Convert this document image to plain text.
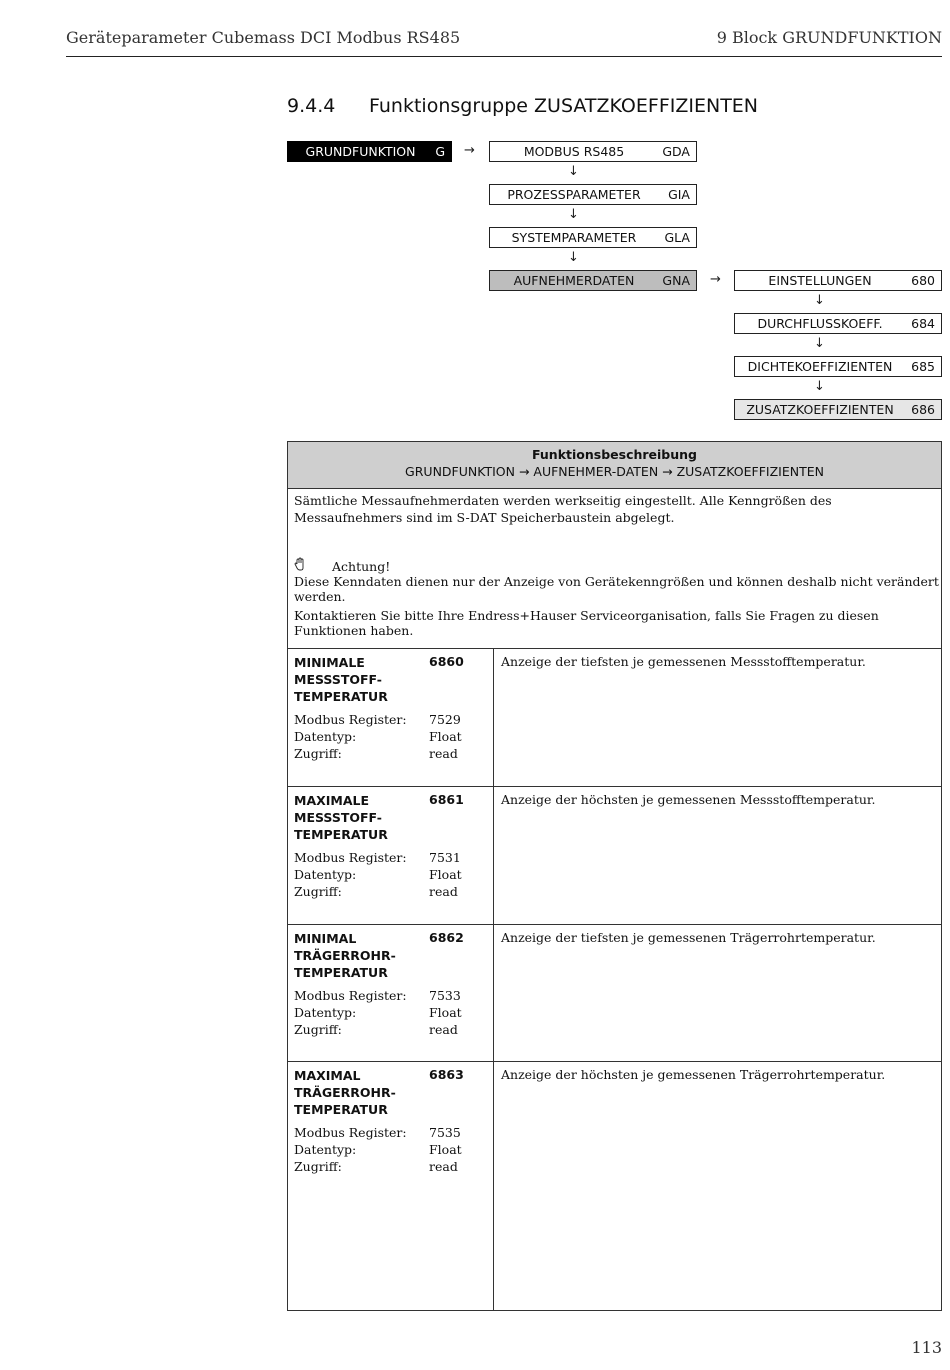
Geräteparameter Cubemass DCI Modbus RS485	9 Block GRUNDFUNKTION
9.4.4 Funktionsgruppe ZUSATZKOEFFIZIENTEN
GRUNDFUNKTION	G →	MODBUS RS485	GDA
↓
PROZESSPARAMETER	GIA
↓
SYSTEMPARAMETER	GLA
↓
AUFNEHMERDATEN	GNA →	EINSTELLUNGEN	680
↓
DURCHFLUSSKOEFF.	684
↓
DICHTEKOEFFIZIENTEN	685
↓
ZUSATZKOEFFIZIENTEN	686
Funktionsbeschreibung
GRUNDFUNKTION → AUFNEHMER-DATEN → ZUSATZKOEFFIZIENTEN
Sämtliche Messaufnehmerdaten werden werkseitig eingestellt. Alle Kenngrößen des Messaufnehmers sind im S-DAT Speicherbaustein abgelegt.
Achtung!
Diese Kenndaten dienen nur der Anzeige von Gerätekenngrößen und können deshalb nicht verändert werden.
Kontaktieren Sie bitte Ihre Endress+Hauser Serviceorganisation, falls Sie Fragen zu diesen Funktionen haben.
MINIMALE
MESSSTOFF-
TEMPERATUR
6860
Modbus Register: 7529
Datentyp:	Float
Zugriff:	read
Anzeige der tiefsten je gemessenen Messstofftemperatur.
MAXIMALE
MESSSTOFF-
TEMPERATUR
6861
Modbus Register: 7531
Datentyp:	Float
Zugriff:	read
Anzeige der höchsten je gemessenen Messstofftemperatur.
MINIMAL
TRÄGERROHR-
TEMPERATUR
6862
Modbus Register: 7533
Datentyp:	Float
Zugriff:	read
Anzeige der tiefsten je gemessenen Trägerrohrtemperatur.
MAXIMAL
TRÄGERROHR-
TEMPERATUR
6863
Modbus Register: 7535
Datentyp:	Float
Zugriff:	read
Anzeige der höchsten je gemessenen Trägerrohrtemperatur.
113
